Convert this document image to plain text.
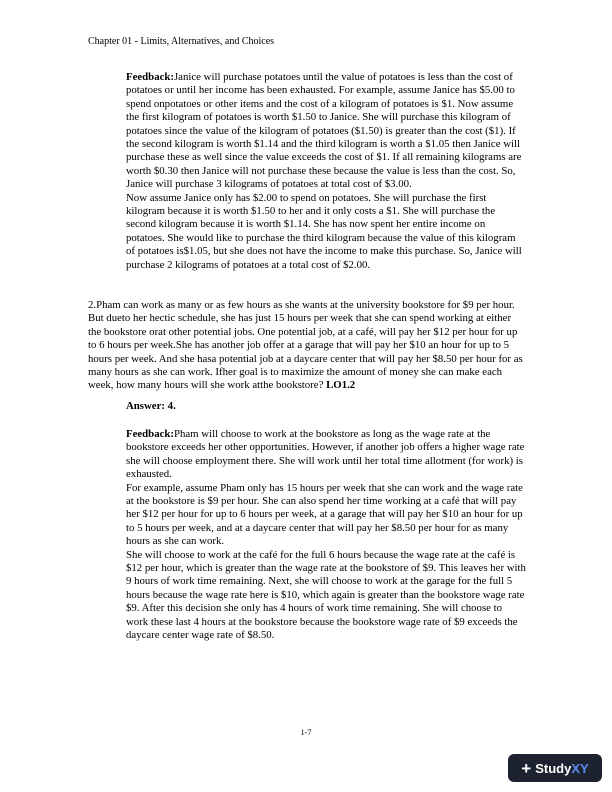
Chapter 01 - Limits, Alternatives, and Choices

Feedback:Janice will purchase potatoes until the value of potatoes is less than the cost of potatoes or until her income has been exhausted. For example, assume Janice has $5.00 to spend onpotatoes or other items and the cost of a kilogram of potatoes is $1. Now assume the first kilogram of potatoes is worth $1.50 to Janice. She will purchase this kilogram of potatoes since the value of the kilogram of potatoes ($1.50) is greater than the cost ($1). If the second kilogram is worth $1.14 and the third kilogram is worth a $1.05 then Janice will purchase these as well since the value exceeds the cost of $1. If all remaining kilograms are worth $0.30 then Janice will not purchase these because the value is less than the cost. So, Janice will purchase 3 kilograms of potatoes at total cost of $3.00.

Now assume Janice only has $2.00 to spend on potatoes. She will purchase the first kilogram because it is worth $1.50 to her and it only costs a $1. She will purchase the second kilogram because it is worth $1.14. She has now spent her entire income on potatoes. She would like to purchase the third kilogram because the value of this kilogram of potatoes is$1.05, but she does not have the income to make this purchase. So, Janice will purchase 2 kilograms of potatoes at a total cost of $2.00.

2.Pham can work as many or as few hours as she wants at the university bookstore for $9 per hour. But dueto her hectic schedule, she has just 15 hours per week that she can spend working at either the bookstore orat other potential jobs. One potential job, at a café, will pay her $12 per hour for up to 6 hours per week.She has another job offer at a garage that will pay her $10 an hour for up to 5 hours per week. And she hasa potential job at a daycare center that will pay her $8.50 per hour for as many hours as she can work. Ifher goal is to maximize the amount of money she can make each week, how many hours will she work atthe bookstore? LO1.2

Answer: 4.

Feedback:Pham will choose to work at the bookstore as long as the wage rate at the bookstore exceeds her other opportunities. However, if another job offers a higher wage rate she will choose employment there. She will work until her total time allotment (for work) is exhausted.

For example, assume Pham only has 15 hours per week that she can work and the wage rate at the bookstore is $9 per hour. She can also spend her time working at a café that will pay her $12 per hour for up to 6 hours per week, at a garage that will pay her $10 an hour for up to 5 hours per week, and at a daycare center that will pay her $8.50 per hour for as many hours as she can work.

She will choose to work at the café for the full 6 hours because the wage rate at the café is $12 per hour, which is greater than the wage rate at the bookstore of $9. This leaves her with 9 hours of work time remaining. Next, she will choose to work at the garage for the full 5 hours because the wage rate here is $10, which again is greater than the bookstore wage rate $9. After this decision she only has 4 hours of work time remaining. She will choose to work these last 4 hours at the bookstore because the bookstore wage rate of $9 exceeds the daycare center wage rate of $8.50.

1-7
+ Study XY
